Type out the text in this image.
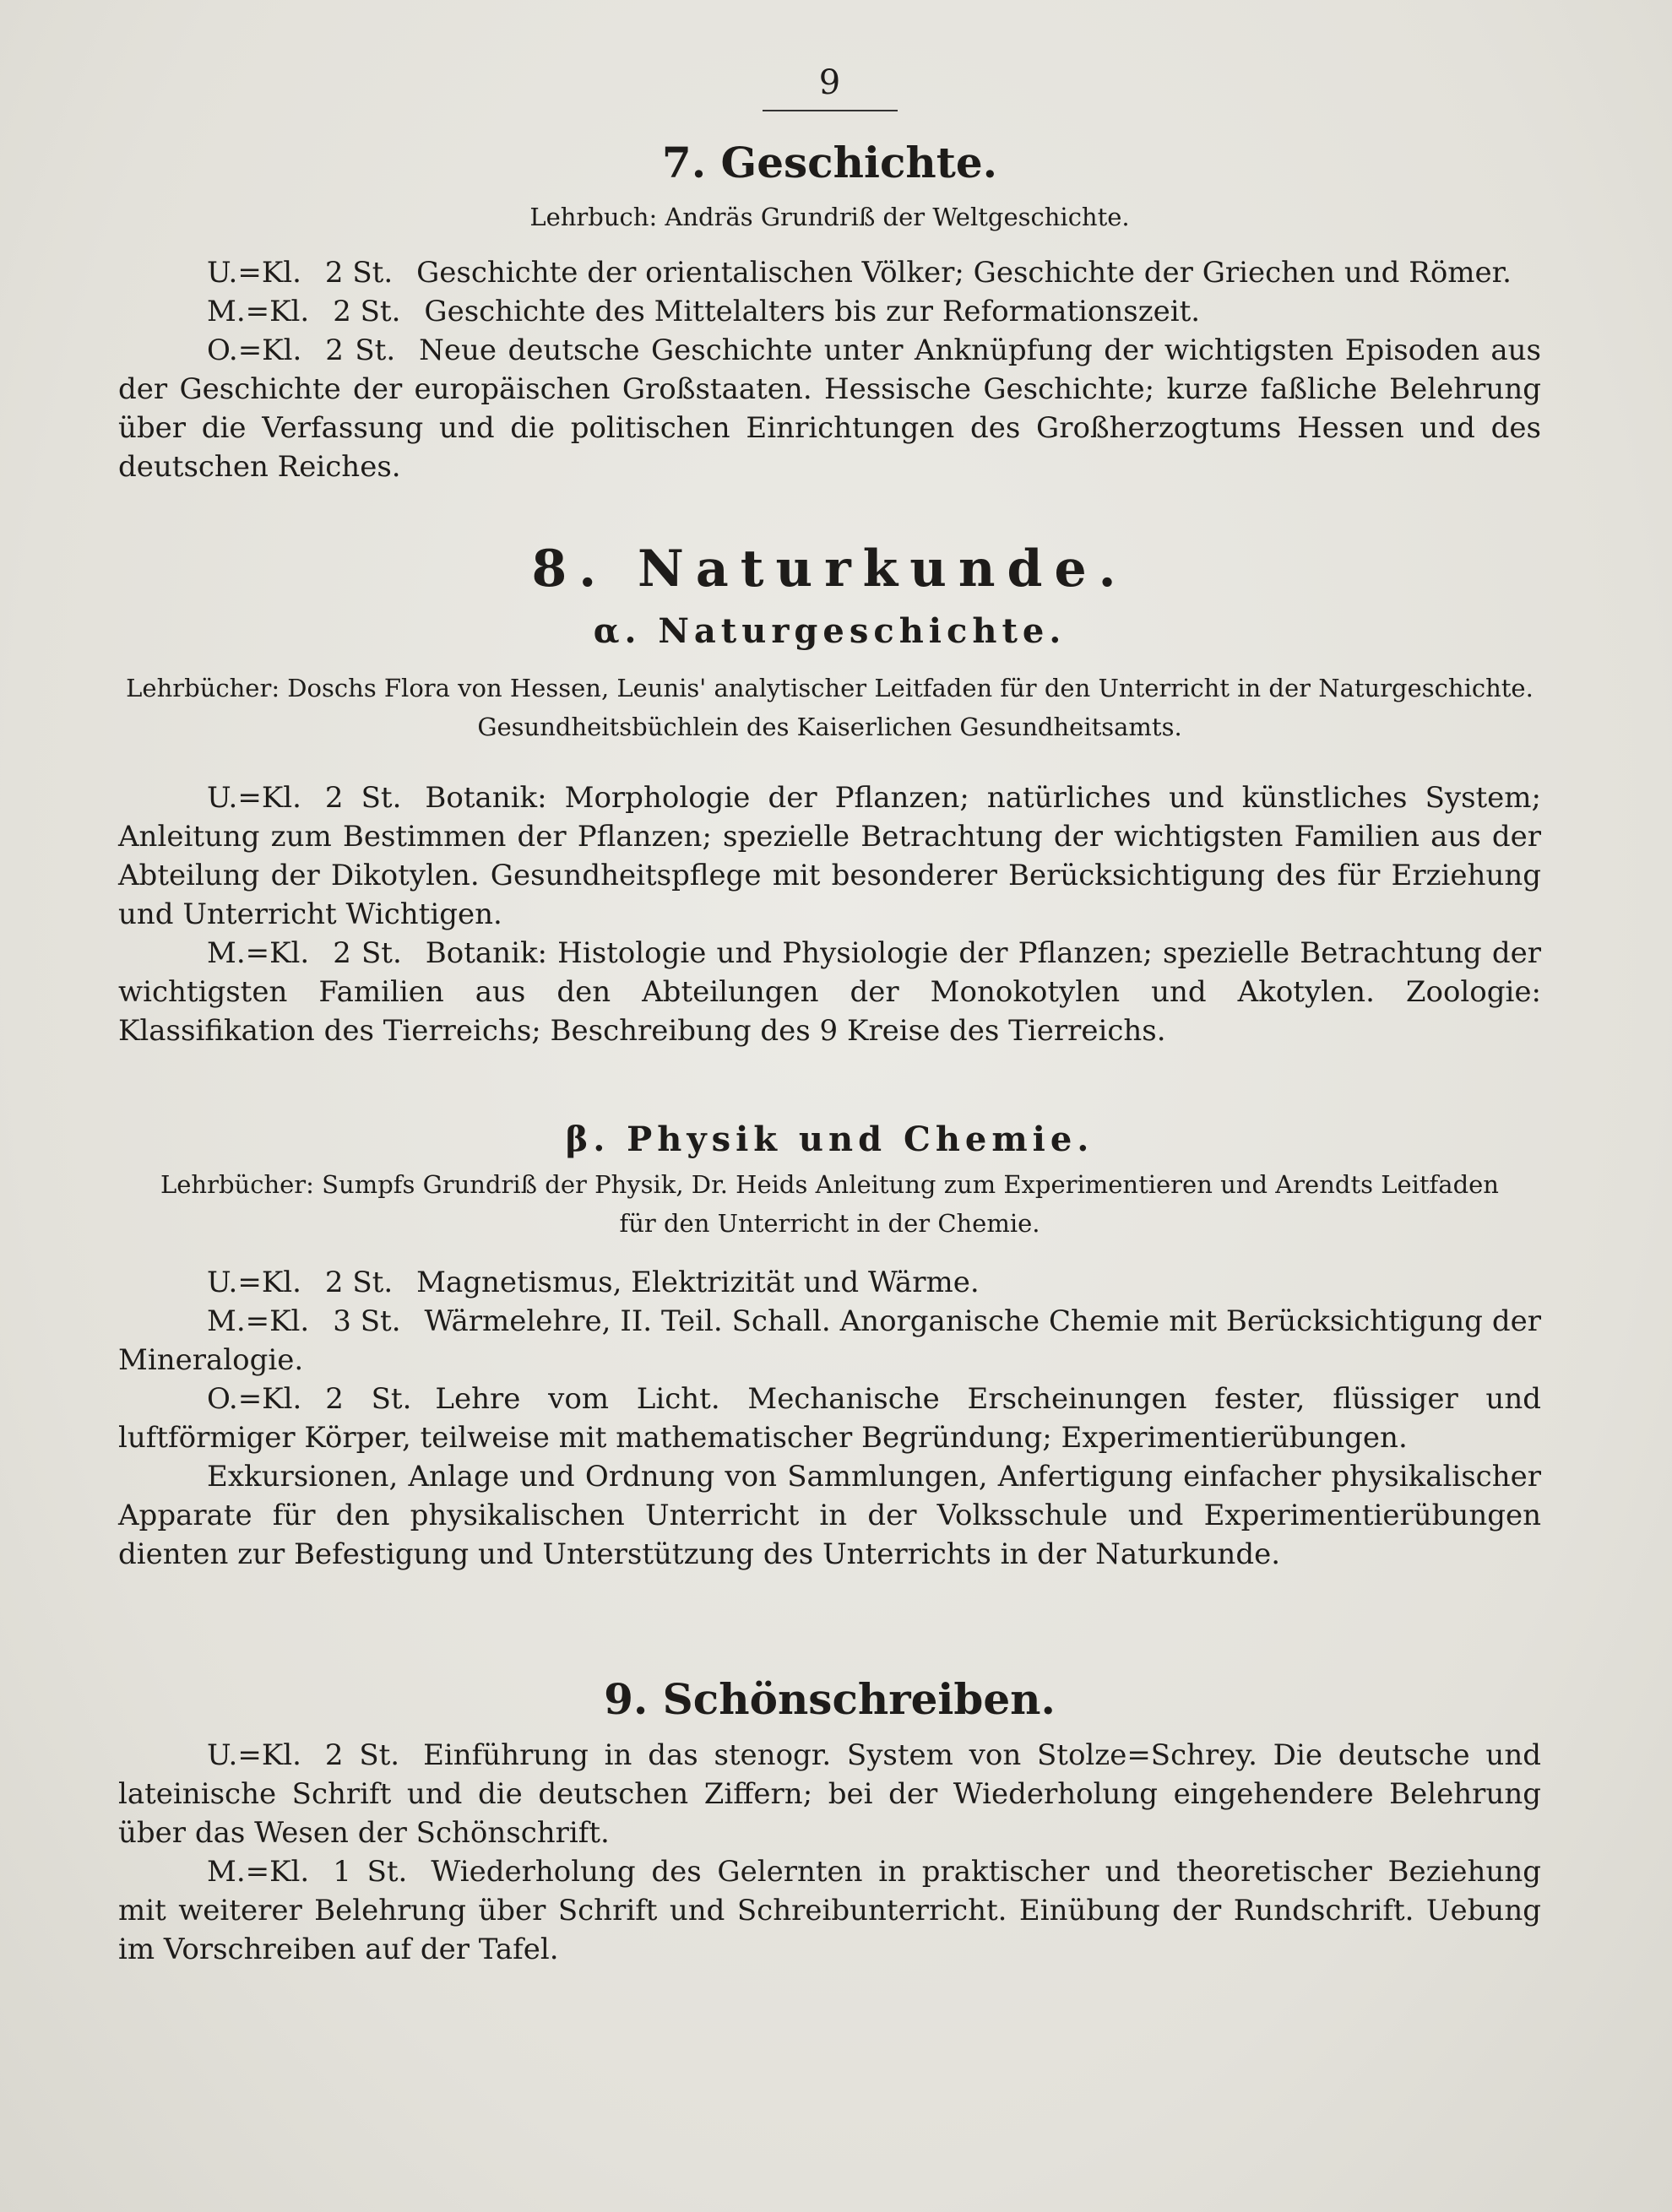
9
7. Geschichte.

Lehrbuch: Andräs Grundriß der Weltgeschichte.

U.=Kl. 2 St. Geschichte der orientalischen Völker; Geschichte der Griechen und Römer.

M.=Kl. 2 St. Geschichte des Mittelalters bis zur Reformationszeit.

O.=Kl. 2 St. Neue deutsche Geschichte unter Anknüpfung der wichtigsten Episoden aus der Geschichte der europäischen Großstaaten. Hessische Geschichte; kurze faßliche Belehrung über die Verfassung und die politischen Einrichtungen des Großherzogtums Hessen und des deutschen Reiches.

8. Naturkunde.
α. Naturgeschichte.

Lehrbücher: Doschs Flora von Hessen, Leunis' analytischer Leitfaden für den Unterricht in der Naturgeschichte.

Gesundheitsbüchlein des Kaiserlichen Gesundheitsamts.

U.=Kl. 2 St. Botanik: Morphologie der Pflanzen; natürliches und künstliches System; Anleitung zum Bestimmen der Pflanzen; spezielle Betrachtung der wichtigsten Familien aus der Abteilung der Dikotylen. Gesundheitspflege mit besonderer Berücksichtigung des für Erziehung und Unterricht Wichtigen.

M.=Kl. 2 St. Botanik: Histologie und Physiologie der Pflanzen; spezielle Betrachtung der wichtigsten Familien aus den Abteilungen der Monokotylen und Akotylen. Zoologie: Klassifikation des Tierreichs; Beschreibung des 9 Kreise des Tierreichs.

β. Physik und Chemie.

Lehrbücher: Sumpfs Grundriß der Physik, Dr. Heids Anleitung zum Experimentieren und Arendts Leitfaden

für den Unterricht in der Chemie.

U.=Kl. 2 St. Magnetismus, Elektrizität und Wärme.

M.=Kl. 3 St. Wärmelehre, II. Teil. Schall. Anorganische Chemie mit Berücksichtigung der Mineralogie.

O.=Kl. 2 St. Lehre vom Licht. Mechanische Erscheinungen fester, flüssiger und luftförmiger Körper, teilweise mit mathematischer Begründung; Experimentierübungen.

Exkursionen, Anlage und Ordnung von Sammlungen, Anfertigung einfacher physikalischer Apparate für den physikalischen Unterricht in der Volksschule und Experimentierübungen dienten zur Befestigung und Unterstützung des Unterrichts in der Naturkunde.

9. Schönschreiben.

U.=Kl. 2 St. Einführung in das stenogr. System von Stolze=Schrey. Die deutsche und lateinische Schrift und die deutschen Ziffern; bei der Wiederholung eingehendere Belehrung über das Wesen der Schönschrift.

M.=Kl. 1 St. Wiederholung des Gelernten in praktischer und theoretischer Beziehung mit weiterer Belehrung über Schrift und Schreibunterricht. Einübung der Rundschrift. Uebung im Vorschreiben auf der Tafel.
